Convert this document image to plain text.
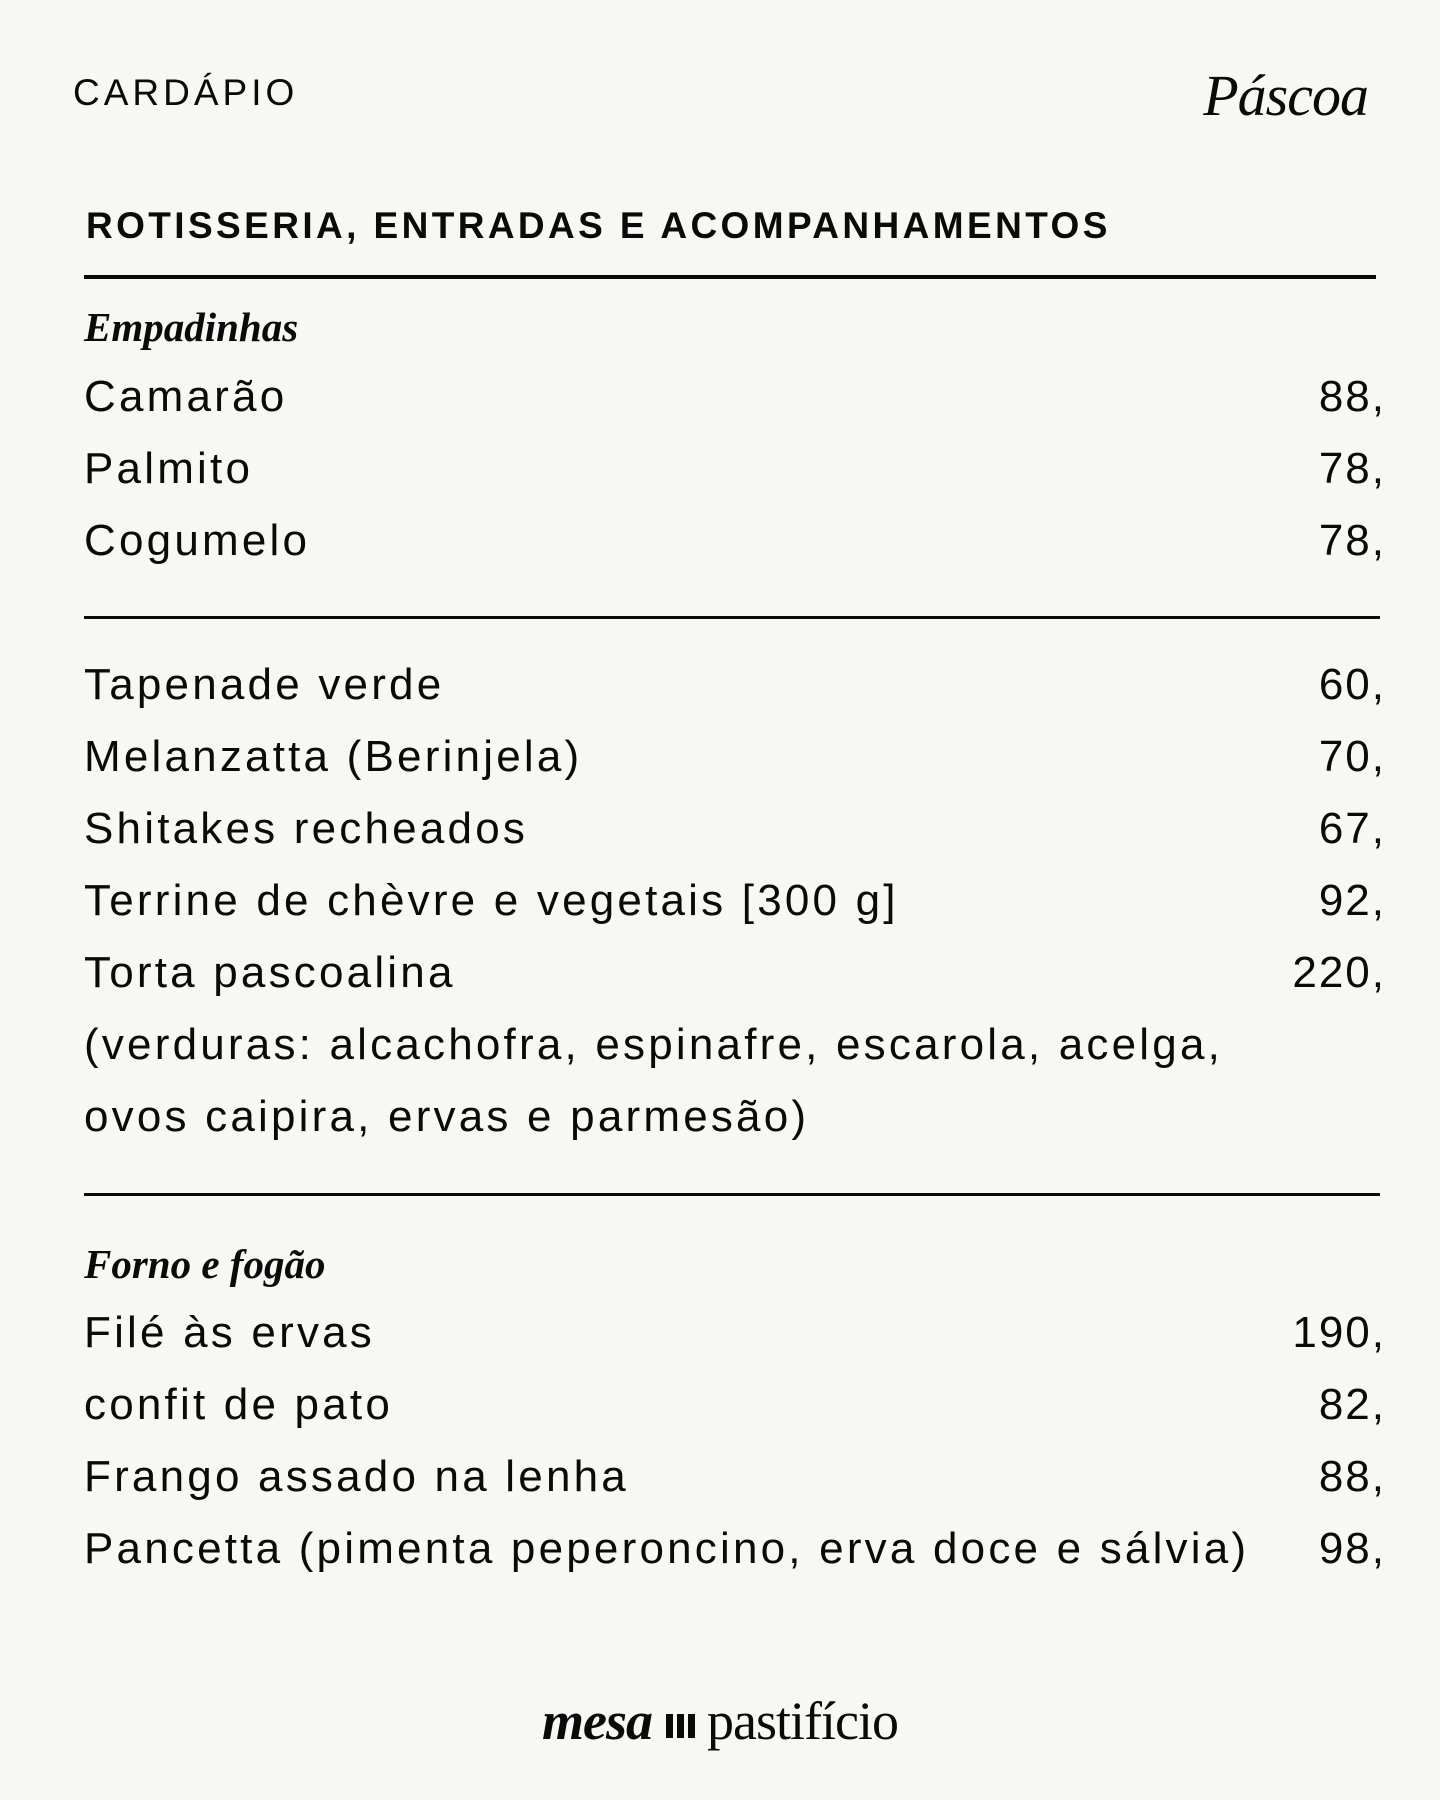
CARDÁPIO	Páscoa
ROTISSERIA, ENTRADAS E ACOMPANHAMENTOS
Empadinhas
Camarão	88,
Palmito	78,
Cogumelo	78,
Tapenade verde	60,
Melanzatta (Berinjela)	70,
Shitakes recheados	67,
Terrine de chèvre e vegetais [300 g]	92,
Torta pascoalina	220,
(verduras: alcachofra, espinafre, escarola, acelga,
ovos caipira, ervas e parmesão)
Forno e fogão
Filé às ervas	190,
confit de pato	82,
Frango assado na lenha	88,
Pancetta (pimenta peperoncino, erva doce e sálvia) 98,
mesa pastifício
